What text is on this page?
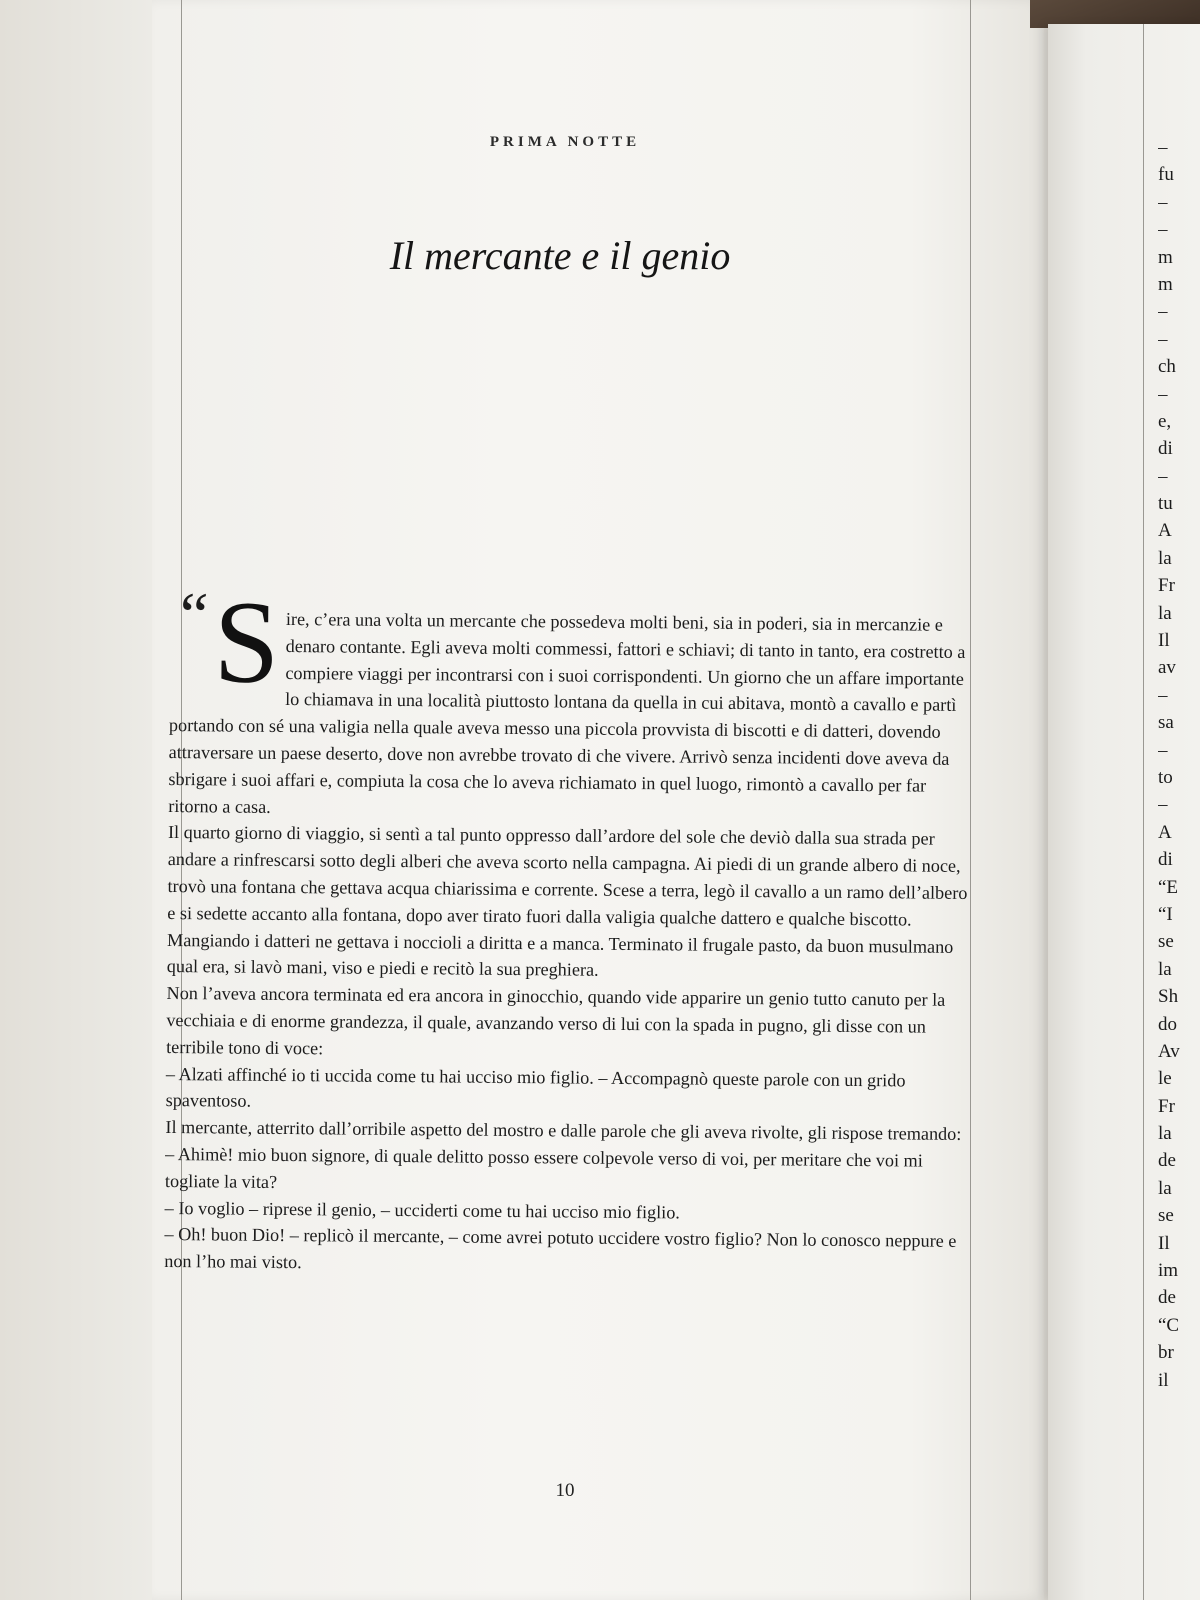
PRIMA NOTTE
Il mercante e il genio

“ S ire, c’era una volta un mercante che possedeva molti beni, sia in poderi, sia in mercanzie e denaro contante. Egli aveva molti commessi, fattori e schiavi; di tanto in tanto, era costretto a compiere viaggi per incontrarsi con i suoi corrispondenti. Un giorno che un affare importante lo chiamava in una località piuttosto lontana da quella in cui abitava, montò a cavallo e partì portando con sé una valigia nella quale aveva messo una piccola provvista di biscotti e di datteri, dovendo attraversare un paese deserto, dove non avrebbe trovato di che vivere. Arrivò senza incidenti dove aveva da sbrigare i suoi affari e, compiuta la cosa che lo aveva richiamato in quel luogo, rimontò a cavallo per far ritorno a casa.

Il quarto giorno di viaggio, si sentì a tal punto oppresso dall’ardore del sole che deviò dalla sua strada per andare a rinfrescarsi sotto degli alberi che aveva scorto nella campagna. Ai piedi di un grande albero di noce, trovò una fontana che gettava acqua chiarissima e corrente. Scese a terra, legò il cavallo a un ramo dell’albero e si sedette accanto alla fontana, dopo aver tirato fuori dalla valigia qualche dattero e qualche biscotto. Mangiando i datteri ne gettava i noccioli a diritta e a manca. Terminato il frugale pasto, da buon musulmano qual era, si lavò mani, viso e piedi e recitò la sua preghiera.

Non l’aveva ancora terminata ed era ancora in ginocchio, quando vide apparire un genio tutto canuto per la vecchiaia e di enorme grandezza, il quale, avanzando verso di lui con la spada in pugno, gli disse con un terribile tono di voce:

– Alzati affinché io ti uccida come tu hai ucciso mio figlio. – Accompagnò queste parole con un grido spaventoso.

Il mercante, atterrito dall’orribile aspetto del mostro e dalle parole che gli aveva rivolte, gli rispose tremando:

– Ahimè! mio buon signore, di quale delitto posso essere colpevole verso di voi, per meritare che voi mi togliate la vita?

– Io voglio – riprese il genio, – ucciderti come tu hai ucciso mio figlio.

– Oh! buon Dio! – replicò il mercante, – come avrei potuto uccidere vostro figlio? Non lo conosco neppure e non l’ho mai visto.

10
–
fu
–
–
m
m
–
–
ch
–
e,
di
–
tu
A
la
Fr
la
Il
av
–
sa
–
to
–
A
di
“E
“I
se
la
Sh
do
Av
le
Fr
la
de
la
se
Il
im
de
“C
br
il
